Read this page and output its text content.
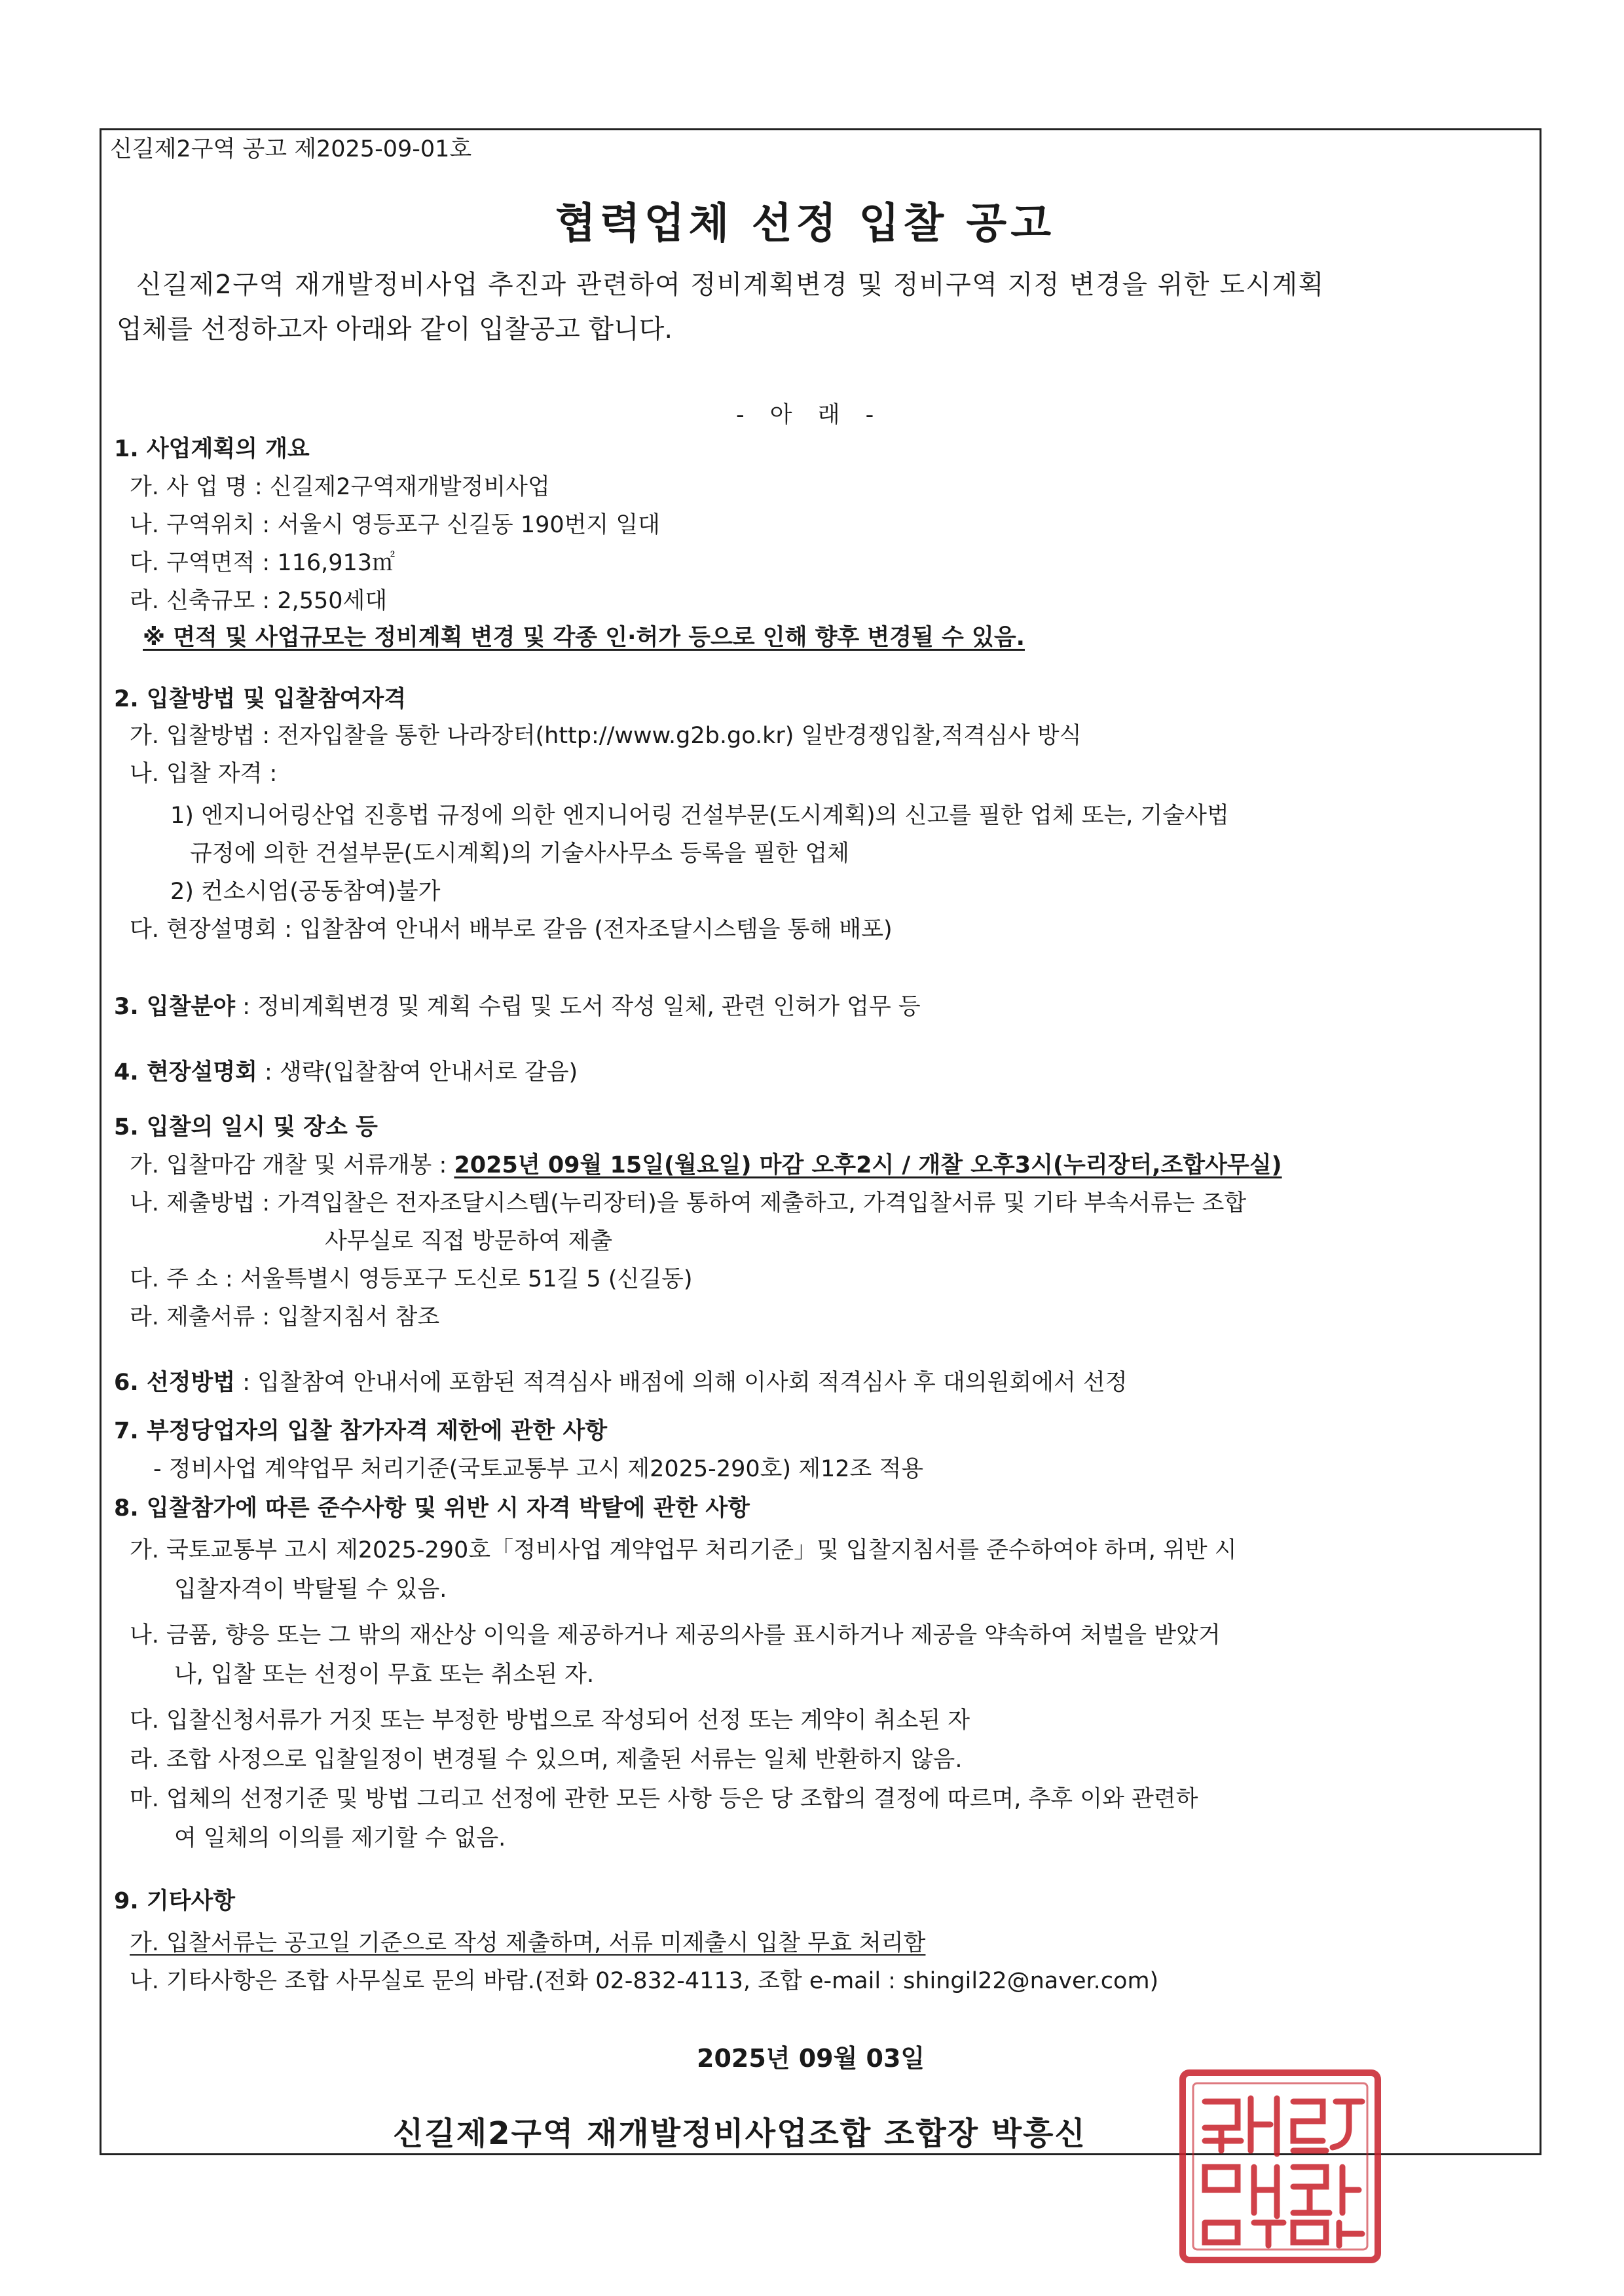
신길제2구역 공고 제2025-09-01호
협력업체 선정 입찰 공고
신길제2구역 재개발정비사업 추진과 관련하여 정비계획변경 및 정비구역 지정 변경을 위한 도시계획
업체를 선정하고자 아래와 같이 입찰공고 합니다.
- 아 래 -
1. 사업계획의 개요
가. 사 업 명 : 신길제2구역재개발정비사업
나. 구역위치 : 서울시 영등포구 신길동 190번지 일대
다. 구역면적 : 116,913㎡
라. 신축규모 : 2,550세대
※ 면적 및 사업규모는 정비계획 변경 및 각종 인·허가 등으로 인해 향후 변경될 수 있음.
2. 입찰방법 및 입찰참여자격
가. 입찰방법 : 전자입찰을 통한 나라장터(http://www.g2b.go.kr) 일반경쟁입찰,적격심사 방식
나. 입찰 자격 :
1) 엔지니어링산업 진흥법 규정에 의한 엔지니어링 건설부문(도시계획)의 신고를 필한 업체 또는, 기술사법
규정에 의한 건설부문(도시계획)의 기술사사무소 등록을 필한 업체
2) 컨소시엄(공동참여)불가
다. 현장설명회 : 입찰참여 안내서 배부로 갈음 (전자조달시스템을 통해 배포)
3. 입찰분야 : 정비계획변경 및 계획 수립 및 도서 작성 일체, 관련 인허가 업무 등
4. 현장설명회 : 생략(입찰참여 안내서로 갈음)
5. 입찰의 일시 및 장소 등
가. 입찰마감 개찰 및 서류개봉 : 2025년 09월 15일(월요일) 마감 오후2시 / 개찰 오후3시(누리장터,조합사무실)
나. 제출방법 : 가격입찰은 전자조달시스템(누리장터)을 통하여 제출하고, 가격입찰서류 및 기타 부속서류는 조합
사무실로 직접 방문하여 제출
다. 주 소 : 서울특별시 영등포구 도신로 51길 5 (신길동)
라. 제출서류 : 입찰지침서 참조
6. 선정방법 : 입찰참여 안내서에 포함된 적격심사 배점에 의해 이사회 적격심사 후 대의원회에서 선정
7. 부정당업자의 입찰 참가자격 제한에 관한 사항
- 정비사업 계약업무 처리기준(국토교통부 고시 제2025-290호) 제12조 적용
8. 입찰참가에 따른 준수사항 및 위반 시 자격 박탈에 관한 사항
가. 국토교통부 고시 제2025-290호「정비사업 계약업무 처리기준」및 입찰지침서를 준수하여야 하며, 위반 시
입찰자격이 박탈될 수 있음.
나. 금품, 향응 또는 그 밖의 재산상 이익을 제공하거나 제공의사를 표시하거나 제공을 약속하여 처벌을 받았거
나, 입찰 또는 선정이 무효 또는 취소된 자.
다. 입찰신청서류가 거짓 또는 부정한 방법으로 작성되어 선정 또는 계약이 취소된 자
라. 조합 사정으로 입찰일정이 변경될 수 있으며, 제출된 서류는 일체 반환하지 않음.
마. 업체의 선정기준 및 방법 그리고 선정에 관한 모든 사항 등은 당 조합의 결정에 따르며, 추후 이와 관련하
여 일체의 이의를 제기할 수 없음.
9. 기타사항
가. 입찰서류는 공고일 기준으로 작성 제출하며, 서류 미제출시 입찰 무효 처리함
나. 기타사항은 조합 사무실로 문의 바람.(전화 02-832-4113, 조합 e-mail : shingil22@naver.com)
2025년 09월 03일
신길제2구역 재개발정비사업조합 조합장 박흥신
